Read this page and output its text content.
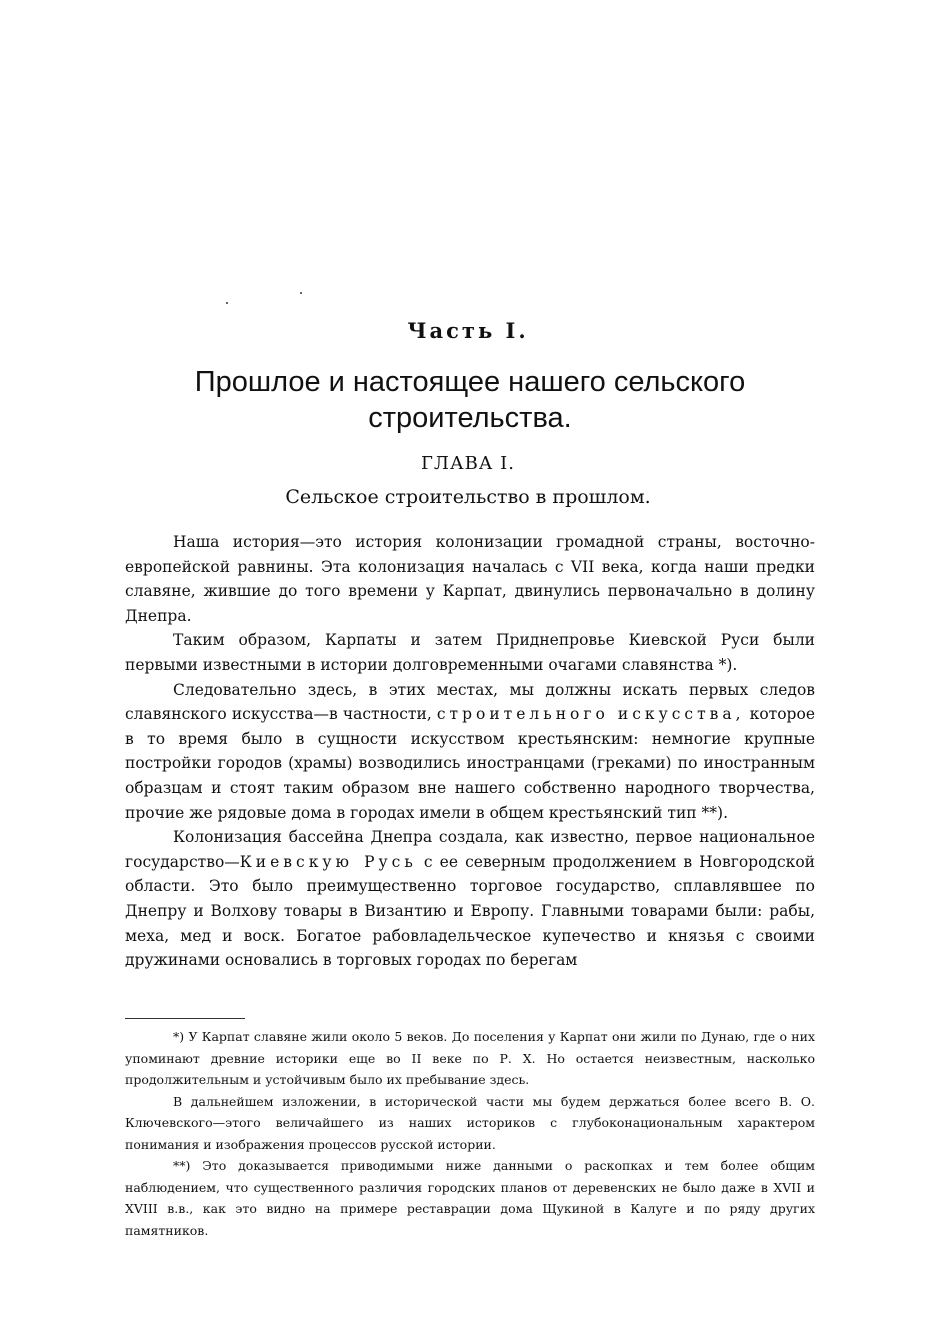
Часть I.
Прошлое и настоящее нашего сельского строительства.
ГЛАВА I.
Сельское строительство в прошлом.

Наша история—это история колонизации громадной страны, восточно-европейской равнины. Эта колонизация началась с VII века, когда наши предки славяне, жившие до того времени у Карпат, двинулись первоначально в долину Днепра.

Таким образом, Карпаты и затем Приднепровье Киевской Руси были первыми известными в истории долговременными очагами славянства *).

Следовательно здесь, в этих местах, мы должны искать первых следов славянского искусства—в частности, строительного искусства, которое в то время было в сущности искусством крестьянским: немногие крупные постройки городов (храмы) возводились иностранцами (греками) по иностранным образцам и стоят таким образом вне нашего собственно народного творчества, прочие же рядовые дома в городах имели в общем крестьянский тип **).

Колонизация бассейна Днепра создала, как известно, первое национальное государство—Киевскую Русь с ее северным продолжением в Новгородской области. Это было преимущественно торговое государство, сплавлявшее по Днепру и Волхову товары в Византию и Европу. Главными товарами были: рабы, меха, мед и воск. Богатое рабовладельческое купечество и князья с своими дружинами основались в торговых городах по берегам

*) У Карпат славяне жили около 5 веков. До поселения у Карпат они жили по Дунаю, где о них упоминают древние историки еще во II веке по Р. Х. Но остается неизвестным, насколько продолжительным и устойчивым было их пребывание здесь.

В дальнейшем изложении, в исторической части мы будем держаться более всего В. О. Ключевского—этого величайшего из наших историков с глубоконациональным характером понимания и изображения процессов русской истории.

**) Это доказывается приводимыми ниже данными о раскопках и тем более общим наблюдением, что существенного различия городских планов от деревенских не было даже в XVII и XVIII в.в., как это видно на примере реставрации дома Щукиной в Калуге и по ряду других памятников.
